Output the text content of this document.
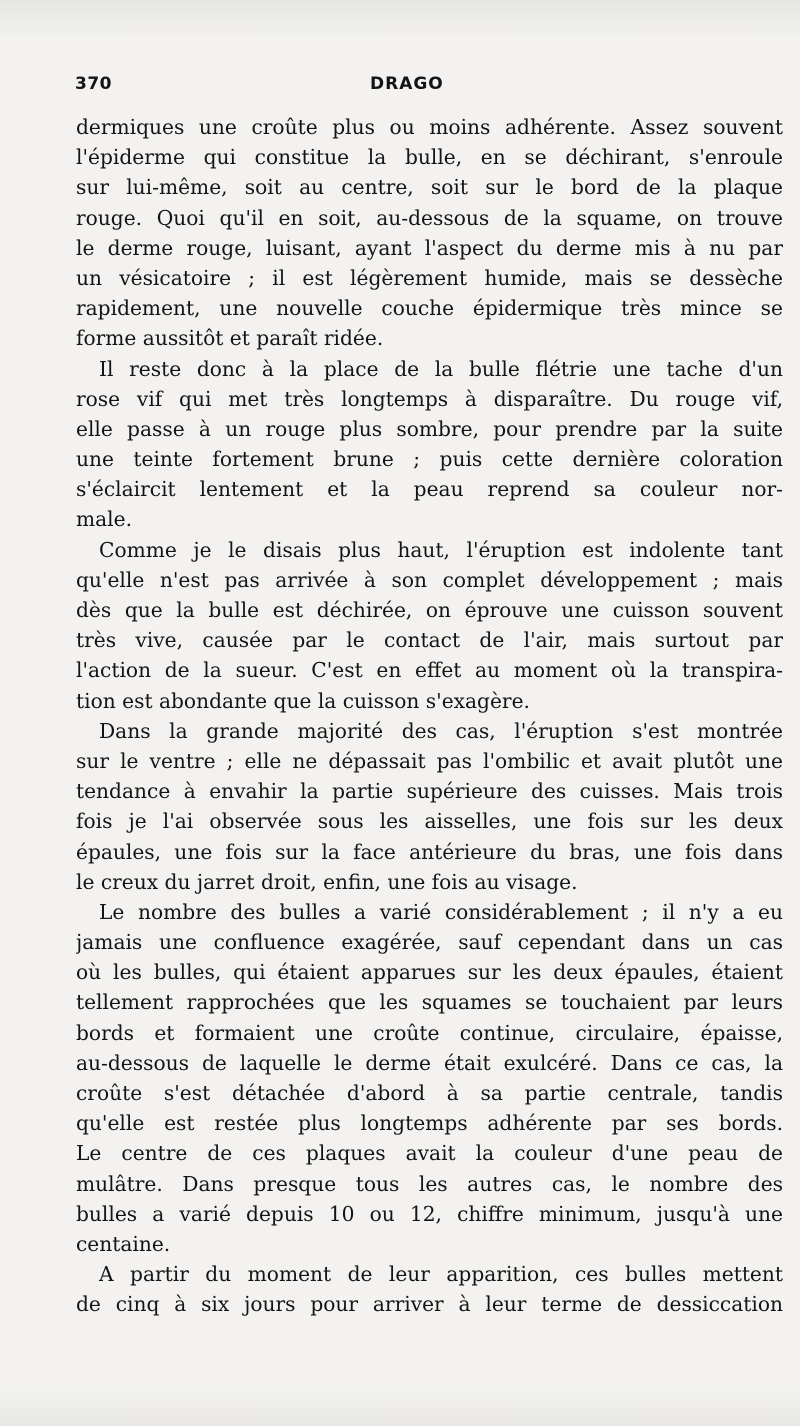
370	DRAGO
dermiques une croûte plus ou moins adhérente. Assez souvent
l'épiderme qui constitue la bulle, en se déchirant, s'enroule
sur lui-même, soit au centre, soit sur le bord de la plaque
rouge. Quoi qu'il en soit, au-dessous de la squame, on trouve
le derme rouge, luisant, ayant l'aspect du derme mis à nu par
un vésicatoire ; il est légèrement humide, mais se dessèche
rapidement, une nouvelle couche épidermique très mince se
forme aussitôt et paraît ridée.
Il reste donc à la place de la bulle flétrie une tache d'un
rose vif qui met très longtemps à disparaître. Du rouge vif,
elle passe à un rouge plus sombre, pour prendre par la suite
une teinte fortement brune ; puis cette dernière coloration
s'éclaircit lentement et la peau reprend sa couleur nor-
male.
Comme je le disais plus haut, l'éruption est indolente tant
qu'elle n'est pas arrivée à son complet développement ; mais
dès que la bulle est déchirée, on éprouve une cuisson souvent
très vive, causée par le contact de l'air, mais surtout par
l'action de la sueur. C'est en effet au moment où la transpira-
tion est abondante que la cuisson s'exagère.
Dans la grande majorité des cas, l'éruption s'est montrée
sur le ventre ; elle ne dépassait pas l'ombilic et avait plutôt une
tendance à envahir la partie supérieure des cuisses. Mais trois
fois je l'ai observée sous les aisselles, une fois sur les deux
épaules, une fois sur la face antérieure du bras, une fois dans
le creux du jarret droit, enfin, une fois au visage.
Le nombre des bulles a varié considérablement ; il n'y a eu
jamais une confluence exagérée, sauf cependant dans un cas
où les bulles, qui étaient apparues sur les deux épaules, étaient
tellement rapprochées que les squames se touchaient par leurs
bords et formaient une croûte continue, circulaire, épaisse,
au-dessous de laquelle le derme était exulcéré. Dans ce cas, la
croûte s'est détachée d'abord à sa partie centrale, tandis
qu'elle est restée plus longtemps adhérente par ses bords.
Le centre de ces plaques avait la couleur d'une peau de
mulâtre. Dans presque tous les autres cas, le nombre des
bulles a varié depuis 10 ou 12, chiffre minimum, jusqu'à une
centaine.
A partir du moment de leur apparition, ces bulles mettent
de cinq à six jours pour arriver à leur terme de dessiccation
